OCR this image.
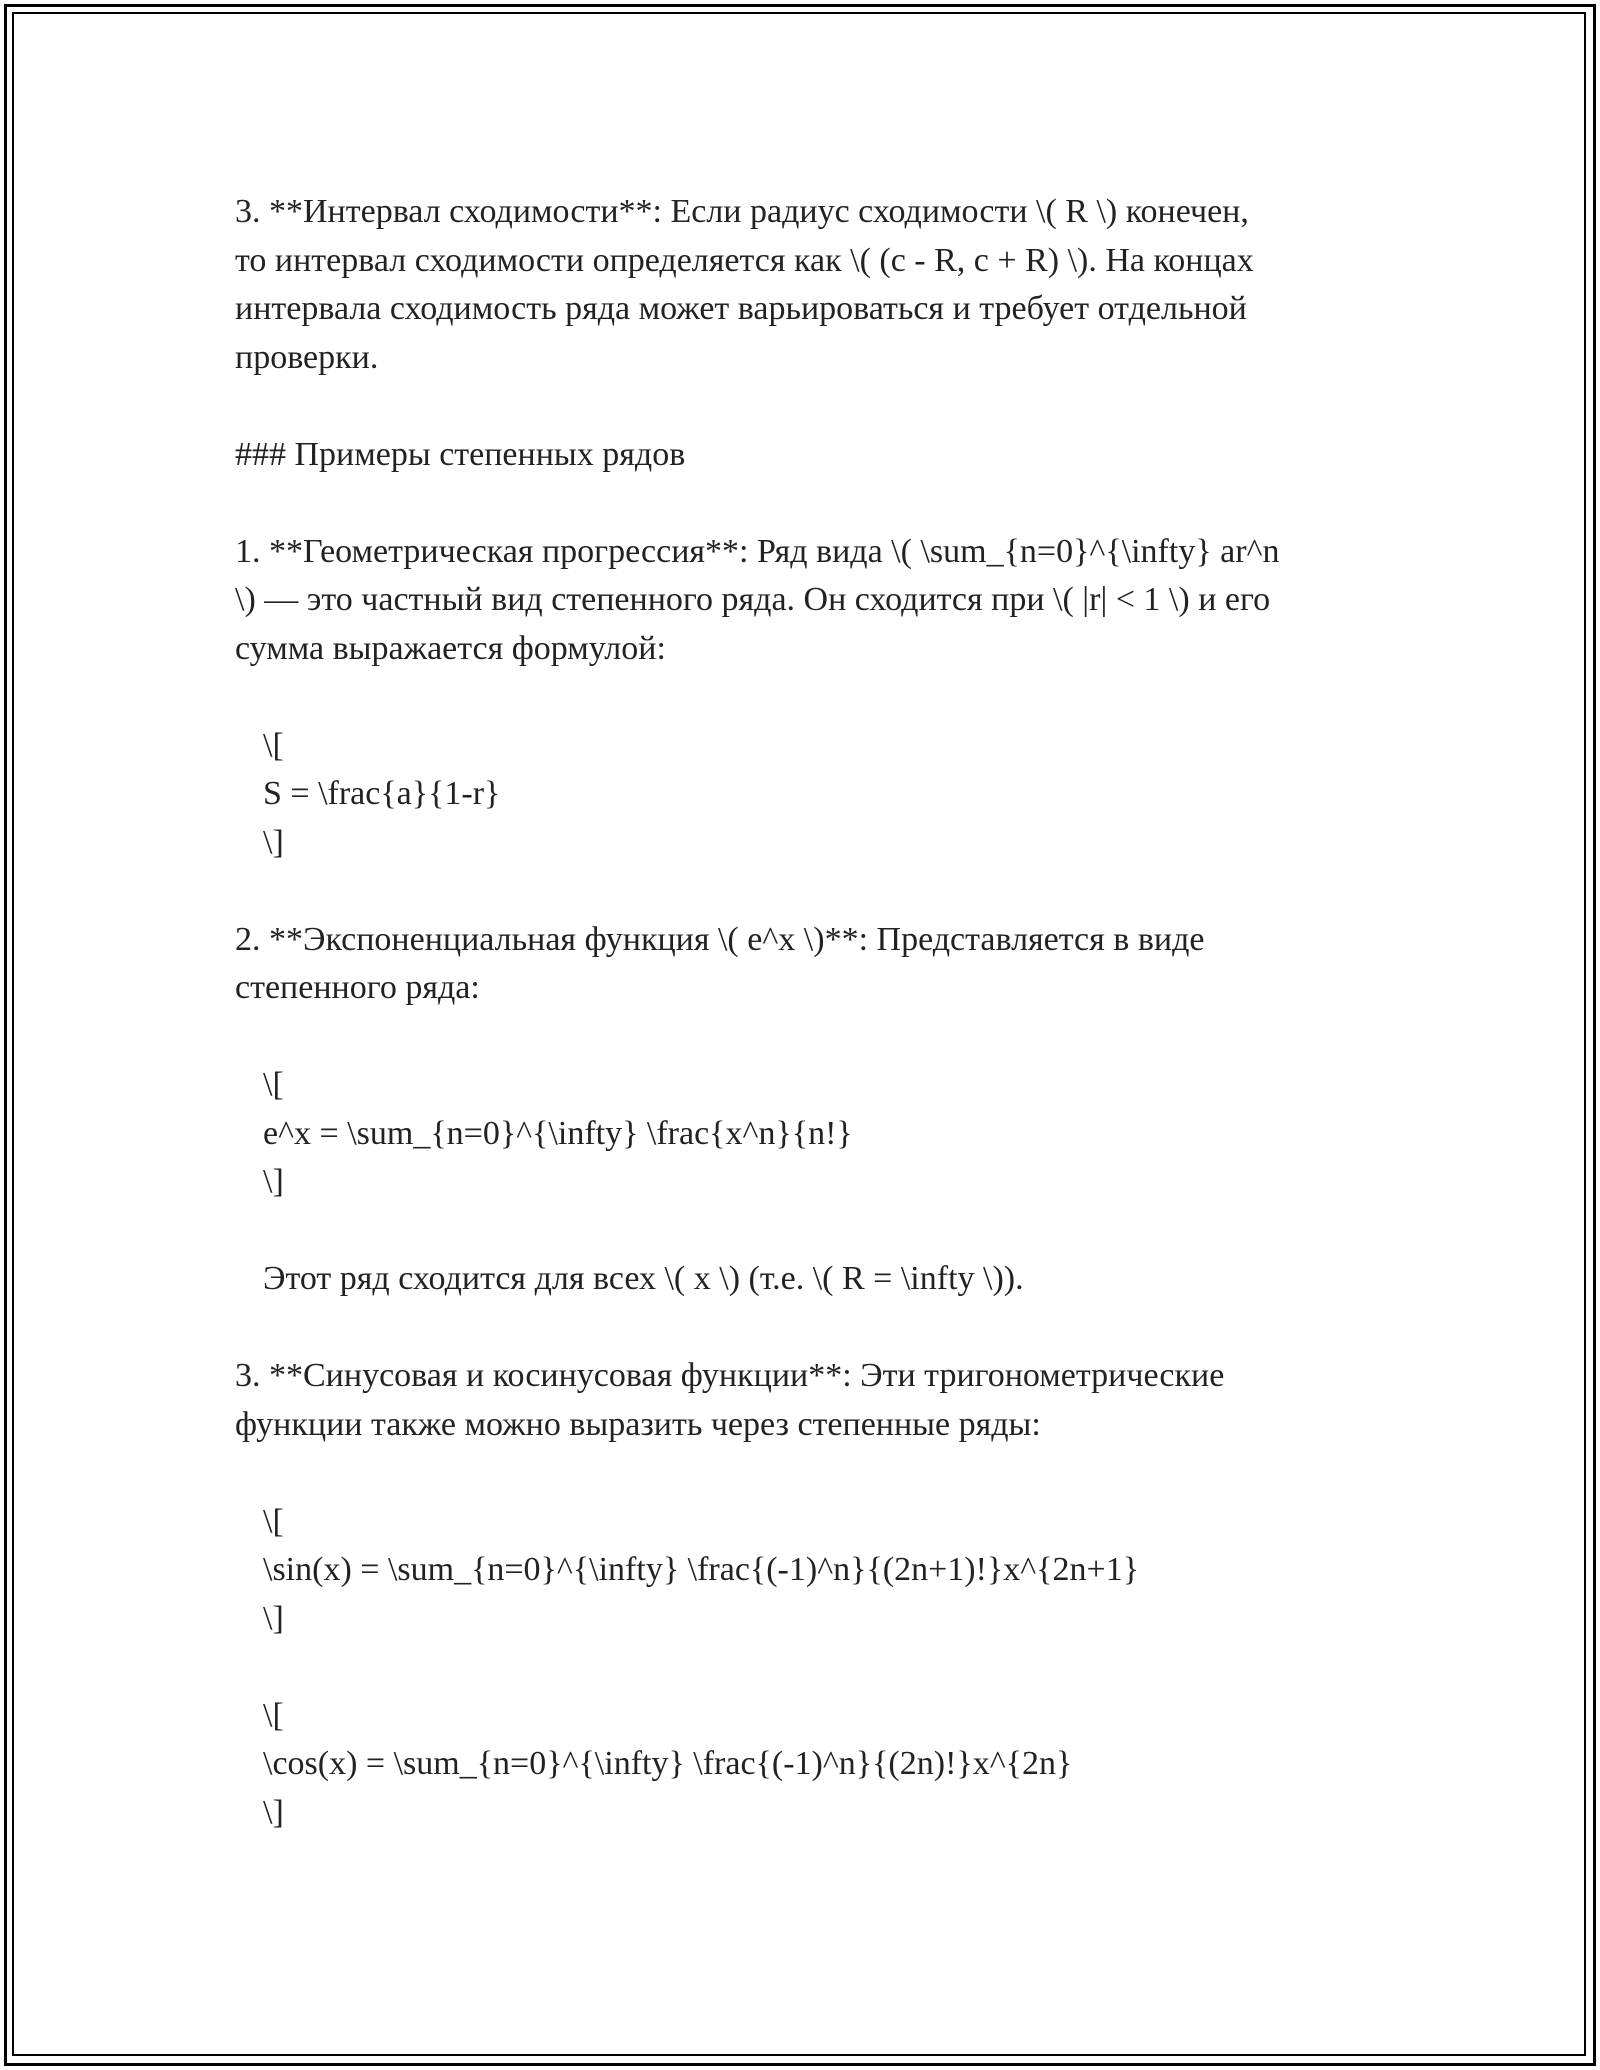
3. **Интервал сходимости**: Если радиус сходимости \( R \) конечен,
то интервал сходимости определяется как \( (c - R, c + R) \). На концах
интервала сходимость ряда может варьироваться и требует отдельной
проверки.
### Примеры степенных рядов
1. **Геометрическая прогрессия**: Ряд вида \( \sum_{n=0}^{\infty} ar^n
\) — это частный вид степенного ряда. Он сходится при \( |r| < 1 \) и его
сумма выражается формулой:
\[
S = \frac{a}{1-r}
\]
2. **Экспоненциальная функция \( e^x \)**: Представляется в виде
степенного ряда:
\[
e^x = \sum_{n=0}^{\infty} \frac{x^n}{n!}
\]
Этот ряд сходится для всех \( x \) (т.е. \( R = \infty \)).
3. **Синусовая и косинусовая функции**: Эти тригонометрические
функции также можно выразить через степенные ряды:
\[
\sin(x) = \sum_{n=0}^{\infty} \frac{(-1)^n}{(2n+1)!}x^{2n+1}
\]
\[
\cos(x) = \sum_{n=0}^{\infty} \frac{(-1)^n}{(2n)!}x^{2n}
\]
